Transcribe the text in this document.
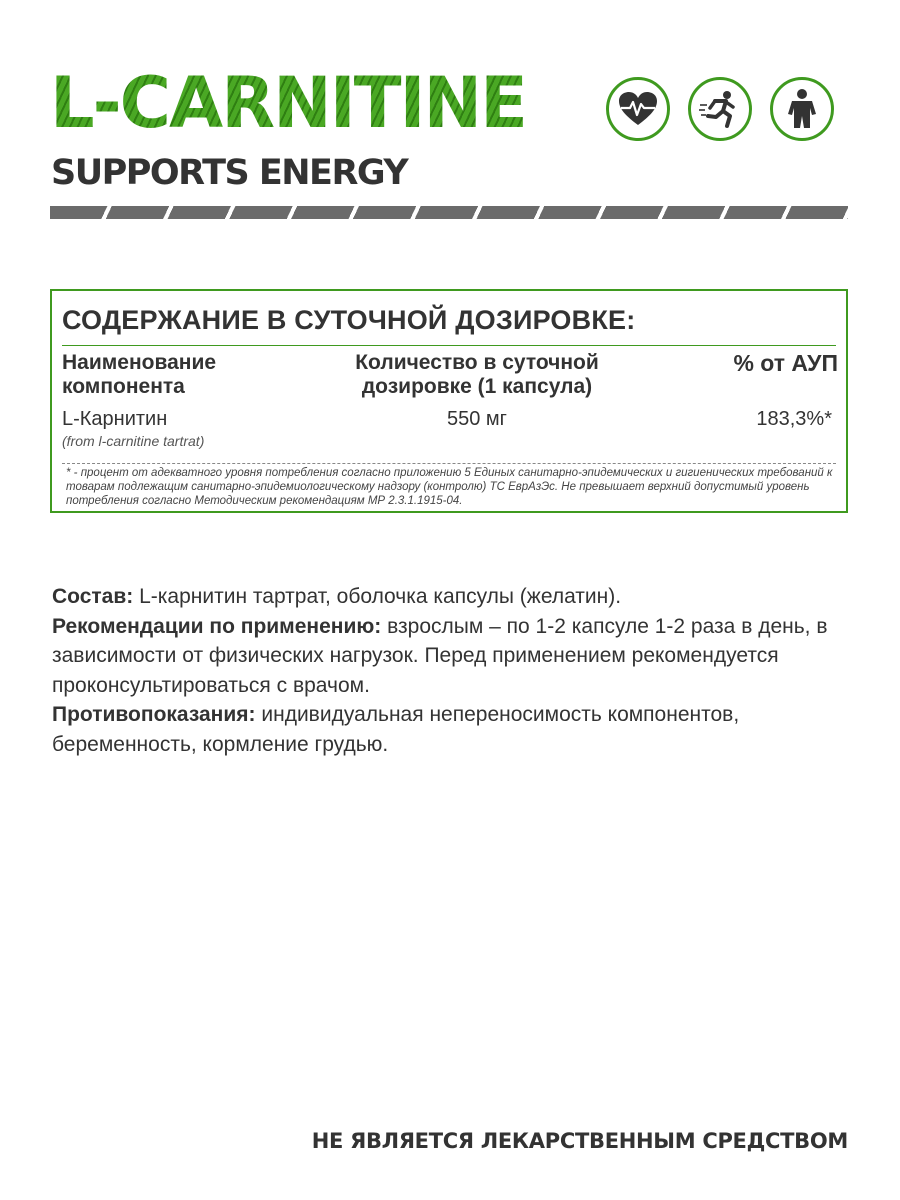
L-CARNITINE
SUPPORTS ENERGY
СОДЕРЖАНИЕ В СУТОЧНОЙ ДОЗИРОВКЕ:
Наименование компонента
Количество в суточной дозировке (1 капсула)
% от АУП
L-Карнитин
(from l-carnitine tartrat)
550 мг	183,3%*

* - процент от адекватного уровня потребления согласно приложению 5 Единых санитарно-эпидемических и гигиенических требований к товарам подлежащим санитарно-эпидемиологическому надзору (контролю) ТС ЕврАзЭс. Не превышает верхний допустимый уровень потребления согласно Методическим рекомендациям МР 2.3.1.1915-04.

Состав: L-карнитин тартрат, оболочка капсулы (желатин).

Рекомендации по применению: взрослым – по 1-2 капсуле 1-2 раза в день, в зависимости от физических нагрузок. Перед применением рекомендуется проконсультироваться с врачом.

Противопоказания: индивидуальная непереносимость компонентов, беременность, кормление грудью.

НЕ ЯВЛЯЕТСЯ ЛЕКАРСТВЕННЫМ СРЕДСТВОМ
